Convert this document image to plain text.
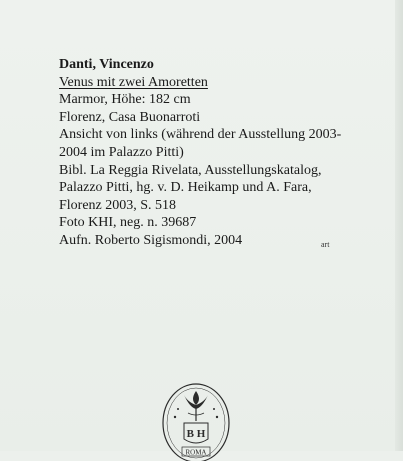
Danti, Vincenzo
Venus mit zwei Amoretten
Marmor, Höhe: 182 cm
Florenz, Casa Buonarroti
Ansicht von links (während der Ausstellung 2003-
2004 im Palazzo Pitti)
Bibl. La Reggia Rivelata, Ausstellungskatalog,
Palazzo Pitti, hg. v. D. Heikamp und A. Fara,
Florenz 2003, S. 518
Foto KHI, neg. n. 39687
Aufn. Roberto Sigismondi, 2004	art
B H
ROMA
